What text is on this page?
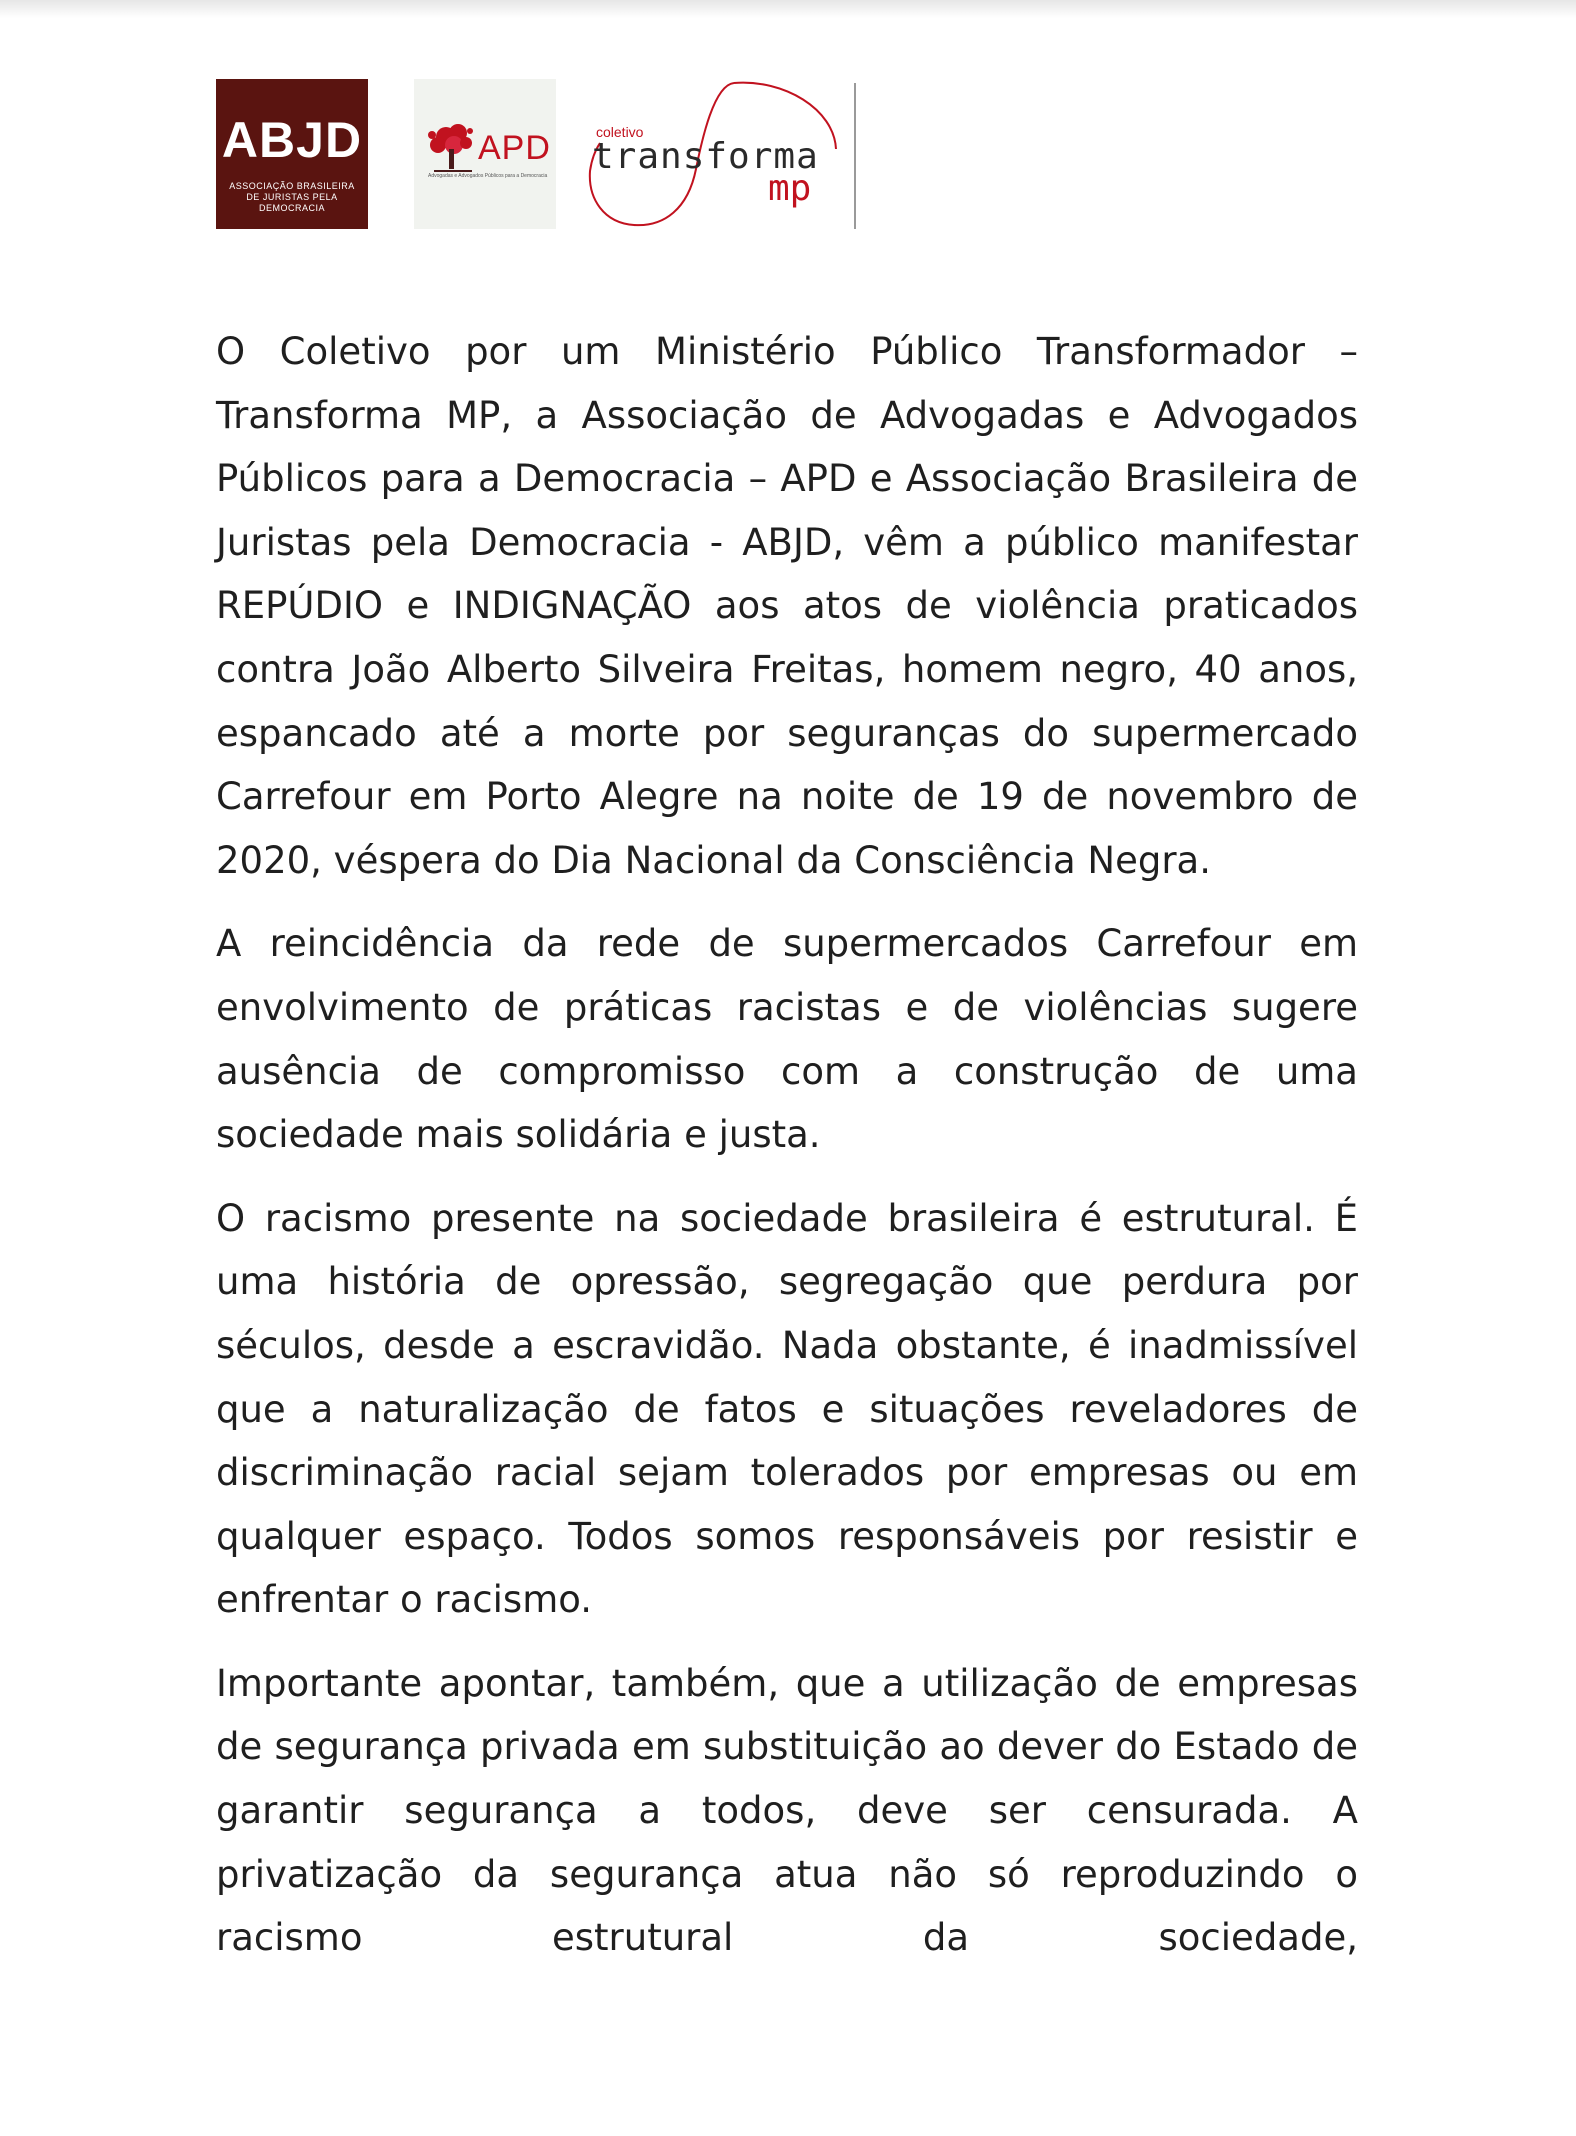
ABJD
ASSOCIAÇÃO BRASILEIRA DE JURISTAS PELA DEMOCRACIA
APD
Advogadas e Advogados Públicos para a Democracia
coletivo
transforma
mp

O Coletivo por um Ministério Público Transformador – Transforma MP, a Associação de Advogadas e Advogados Públicos para a Democracia – APD e Associação Brasileira de Juristas pela Democracia - ABJD, vêm a público manifestar REPÚDIO e INDIGNAÇÃO aos atos de violência praticados contra João Alberto Silveira Freitas, homem negro, 40 anos, espancado até a morte por seguranças do supermercado Carrefour em Porto Alegre na noite de 19 de novembro de 2020, véspera do Dia Nacional da Consciência Negra.

A reincidência da rede de supermercados Carrefour em envolvimento de práticas racistas e de violências sugere ausência de compromisso com a construção de uma sociedade mais solidária e justa.

O racismo presente na sociedade brasileira é estrutural. É uma história de opressão, segregação que perdura por séculos, desde a escravidão. Nada obstante, é inadmissível que a naturalização de fatos e situações reveladores de discriminação racial sejam tolerados por empresas ou em qualquer espaço. Todos somos responsáveis por resistir e enfrentar o racismo.

Importante apontar, também, que a utilização de empresas de segurança privada em substituição ao dever do Estado de garantir segurança a todos, deve ser censurada. A privatização da segurança atua não só reproduzindo o racismo estrutural da sociedade,
